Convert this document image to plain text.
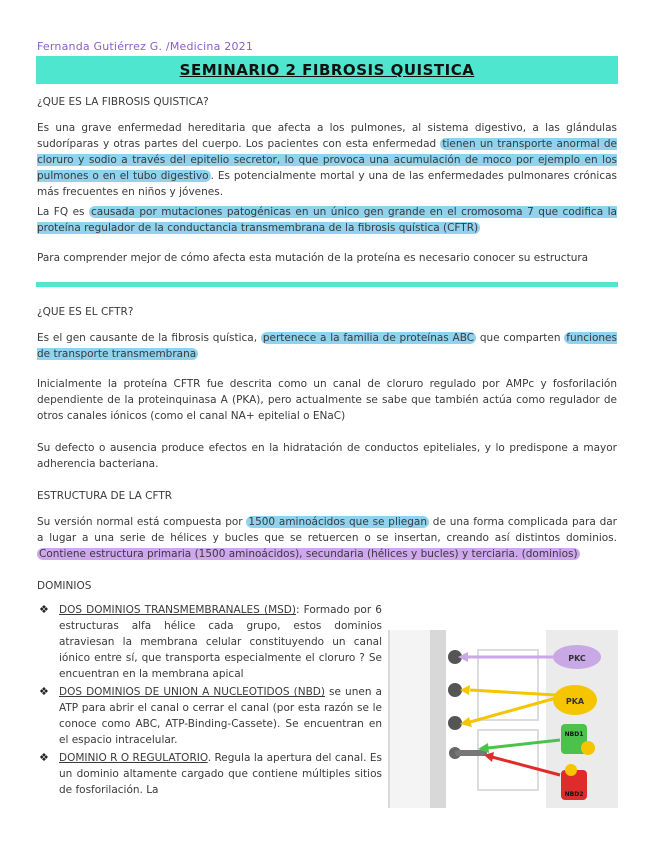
Fernanda Gutiérrez G. /Medicina 2021
SEMINARIO 2 FIBROSIS QUISTICA
¿QUE ES LA FIBROSIS QUISTICA?
Es una grave enfermedad hereditaria que afecta a los pulmones, al sistema digestivo, a las glándulas sudoríparas y otras partes del cuerpo. Los pacientes con esta enfermedad tienen un transporte anormal de cloruro y sodio a través del epitelio secretor, lo que provoca una acumulación de moco por ejemplo en los pulmones o en el tubo digestivo . Es potencialmente mortal y una de las enfermedades pulmonares crónicas más frecuentes en niños y jóvenes.
La FQ es causada por mutaciones patogénicas en un único gen grande en el cromosoma 7 que codifica la proteína regulador de la conductancia transmembrana de la fibrosis quística (CFTR)
Para comprender mejor de cómo afecta esta mutación de la proteína es necesario conocer su estructura
¿QUE ES EL CFTR?
Es el gen causante de la fibrosis quística, pertenece a la familia de proteínas ABC que comparten funciones de transporte transmembrana
Inicialmente la proteína CFTR fue descrita como un canal de cloruro regulado por AMPc y fosforilación dependiente de la proteinquinasa A (PKA), pero actualmente se sabe que también actúa como regulador de otros canales iónicos (como el canal NA+ epitelial o ENaC)
Su defecto o ausencia produce efectos en la hidratación de conductos epiteliales, y lo predispone a mayor adherencia bacteriana.
ESTRUCTURA DE LA CFTR
Su versión normal está compuesta por 1500 aminoácidos que se pliegan de una forma complicada para dar a lugar a una serie de hélices y bucles que se retuercen o se insertan, creando así distintos dominios. Contiene estructura primaria (1500 aminoácidos), secundaria (hélices y bucles) y terciaria. (dominios)
DOMINIOS
❖ DOS DOMINIOS TRANSMEMBRANALES (MSD): Formado por 6 estructuras alfa hélice cada grupo, estos dominios atraviesan la membrana celular constituyendo un canal iónico entre sí, que transporta especialmente el cloruro ? Se encuentran en la membrana apical
❖ DOS DOMINIOS DE UNION A NUCLEOTIDOS (NBD) se unen a ATP para abrir el canal o cerrar el canal (por esta razón se le conoce como ABC, ATP-Binding-Cassete). Se encuentran en el espacio intracelular.
❖ DOMINIO R O REGULATORIO. Regula la apertura del canal. Es un dominio altamente cargado que contiene múltiples sitios de fosforilación. La
PKC
PKA
NBD1
NBD2
